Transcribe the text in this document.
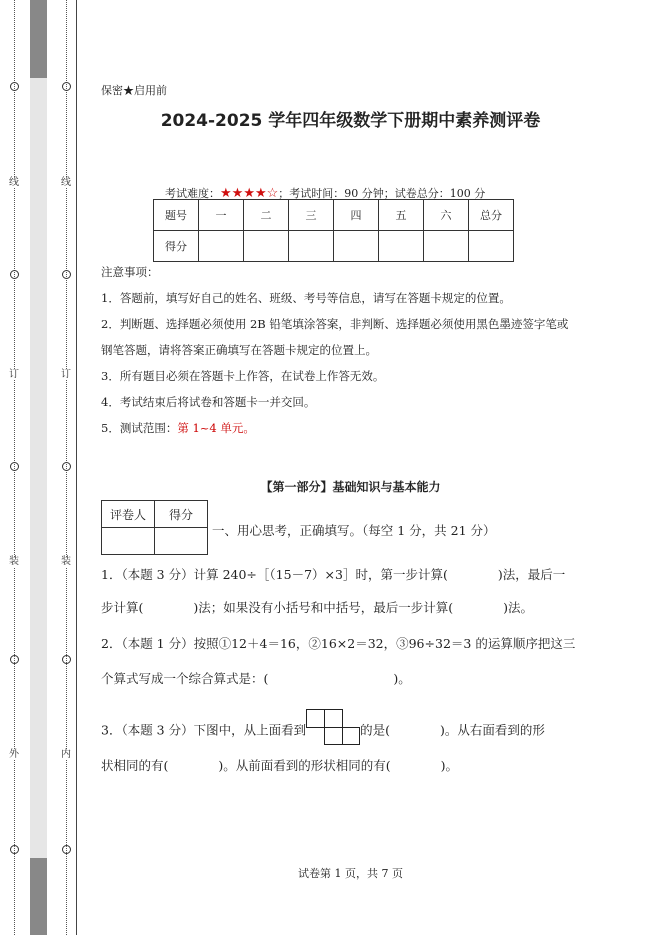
线
订
装
外
线
订
装
内
保密★启用前
2024-2025 学年四年级数学下册期中素养测评卷
考试难度：★★★★☆；考试时间：90 分钟；试卷总分：100 分
题号	一	二	三	四	五	六	总分
得分							
注意事项：
1．答题前，填写好自己的姓名、班级、考号等信息，请写在答题卡规定的位置。
2．判断题、选择题必须使用 2B 铅笔填涂答案，非判断、选择题必须使用黑色墨迹签字笔或
钢笔答题，请将答案正确填写在答题卡规定的位置上。
3．所有题目必须在答题卡上作答，在试卷上作答无效。
4．考试结束后将试卷和答题卡一并交回。
5．测试范围：第 1~4 单元。
【第一部分】基础知识与基本能力
评卷人	得分

一、用心思考，正确填写。（每空 1 分，共 21 分）
1．（本题 3 分）计算 240÷［（15－7）×3］时，第一步计算(　　　　)法，最后一
步计算(　　　　)法；如果没有小括号和中括号，最后一步计算(　　　　)法。
2．（本题 1 分）按照①12＋4＝16，②16×2＝32，③96÷32＝3 的运算顺序把这三
个算式写成一个综合算式是：(　　　　　　　　　　)。
3．（本题 3 分）下图中，从上面看到	的是(　　　　)。从右面看到的形
状相同的有(　　　　)。从前面看到的形状相同的有(　　　　)。
试卷第 1 页，共 7 页
